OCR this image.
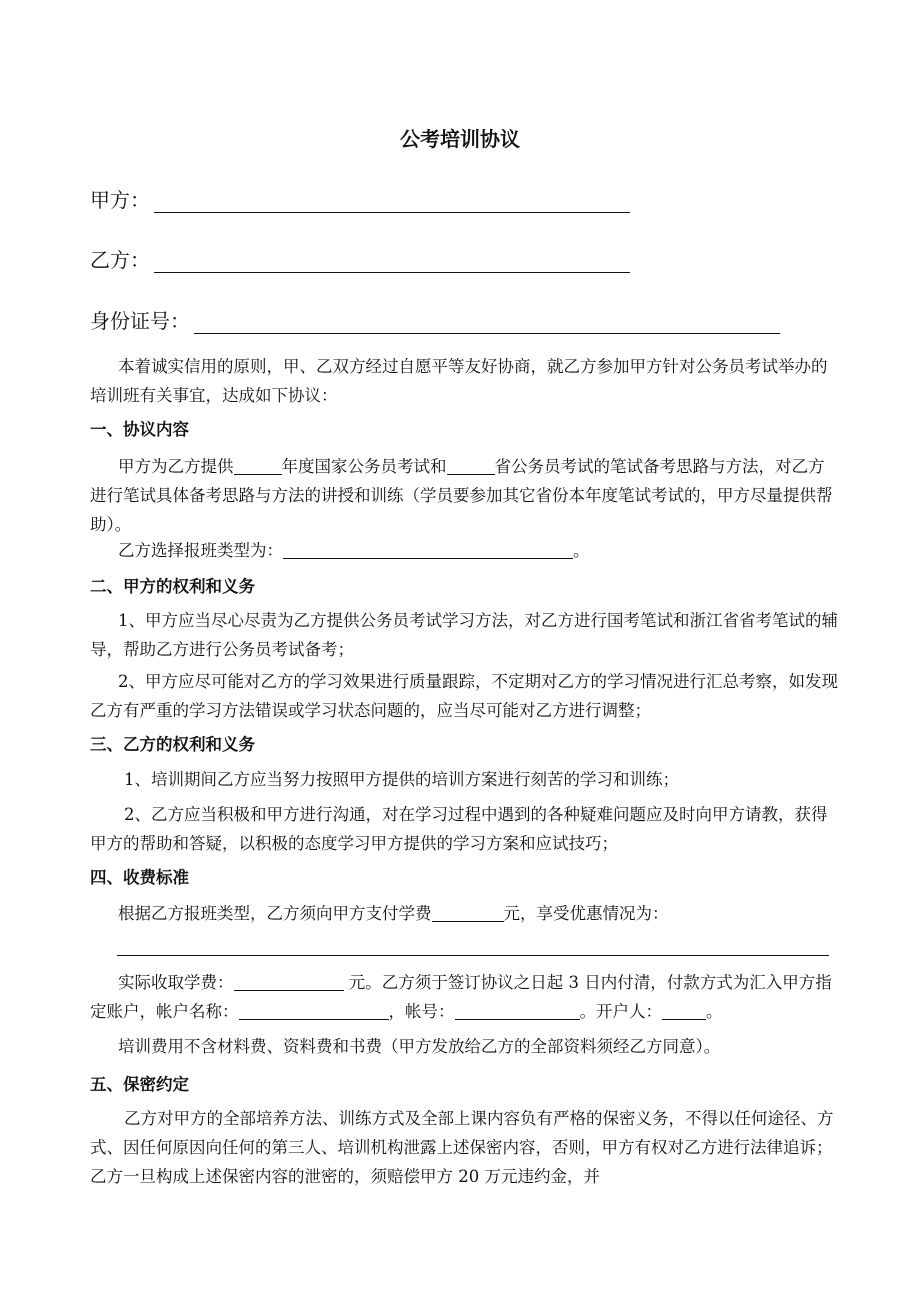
公考培训协议
甲方：
乙方：
身份证号：
本着诚实信用的原则，甲、乙双方经过自愿平等友好协商，就乙方参加甲方针对公务员考试举办的培训班有关事宜，达成如下协议：
一、协议内容
甲方为乙方提供	年度国家公务员考试和	省公务员考试的笔试备考思路与方法，对乙方进行笔试具体备考思路与方法的讲授和训练（学员要参加其它省份本年度笔试考试的，甲方尽量提供帮助）。
乙方选择报班类型为：	。
二、甲方的权利和义务
1、甲方应当尽心尽责为乙方提供公务员考试学习方法，对乙方进行国考笔试和浙江省省考笔试的辅导，帮助乙方进行公务员考试备考；
2、甲方应尽可能对乙方的学习效果进行质量跟踪，不定期对乙方的学习情况进行汇总考察，如发现乙方有严重的学习方法错误或学习状态问题的，应当尽可能对乙方进行调整；
三、乙方的权利和义务
1、培训期间乙方应当努力按照甲方提供的培训方案进行刻苦的学习和训练；
2、乙方应当积极和甲方进行沟通，对在学习过程中遇到的各种疑难问题应及时向甲方请教，获得甲方的帮助和答疑，以积极的态度学习甲方提供的学习方案和应试技巧；
四、收费标准
根据乙方报班类型，乙方须向甲方支付学费	元，享受优惠情况为：
实际收取学费：	元。乙方须于签订协议之日起 3 日内付清，付款方式为汇入甲方指定账户，帐户名称：	，帐号：	。开户人：	。
培训费用不含材料费、资料费和书费（甲方发放给乙方的全部资料须经乙方同意）。
五、保密约定
乙方对甲方的全部培养方法、训练方式及全部上课内容负有严格的保密义务，不得以任何途径、方式、因任何原因向任何的第三人、培训机构泄露上述保密内容，否则，甲方有权对乙方进行法律追诉；乙方一旦构成上述保密内容的泄密的，须赔偿甲方 20 万元违约金，并
